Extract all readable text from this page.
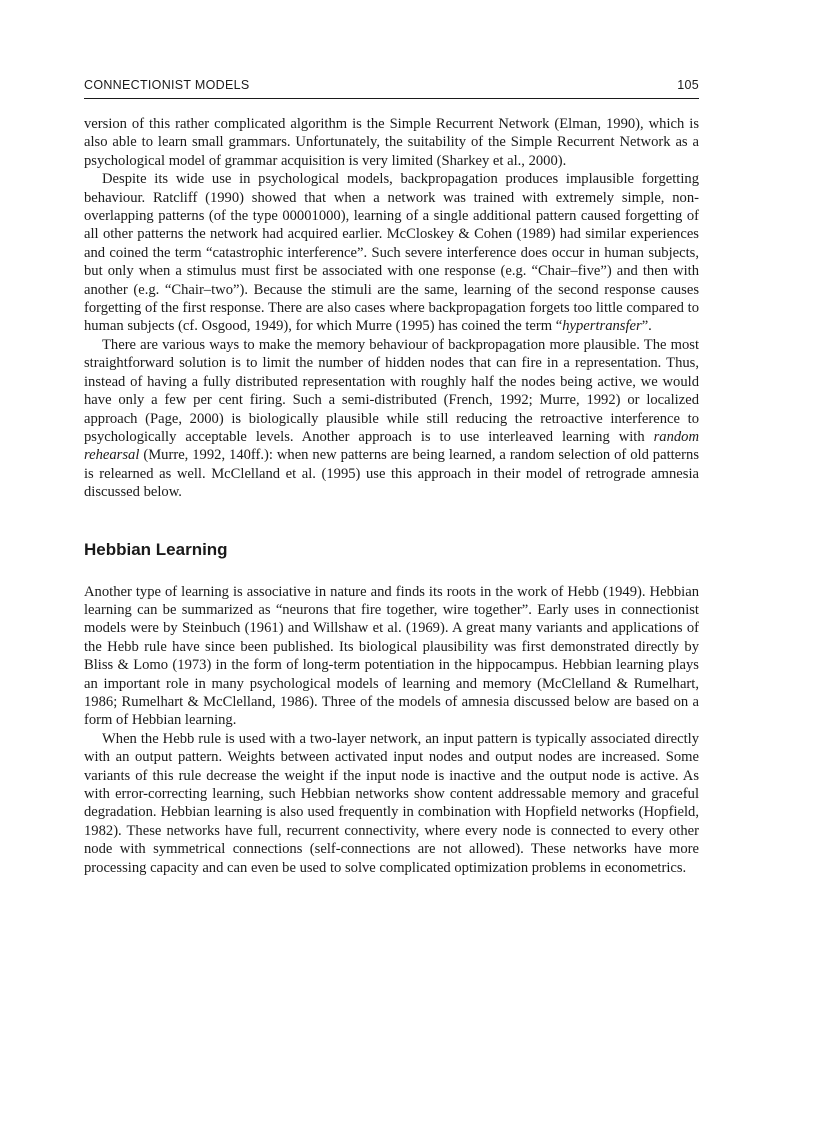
CONNECTIONIST MODELS	105

version of this rather complicated algorithm is the Simple Recurrent Network (Elman, 1990), which is also able to learn small grammars. Unfortunately, the suitability of the Simple Recurrent Network as a psychological model of grammar acquisition is very limited (Sharkey et al., 2000).

Despite its wide use in psychological models, backpropagation produces implausible forgetting behaviour. Ratcliff (1990) showed that when a network was trained with extremely simple, non-overlapping patterns (of the type 00001000), learning of a single additional pattern caused forgetting of all other patterns the network had acquired earlier. McCloskey & Cohen (1989) had similar experiences and coined the term “catastrophic interference”. Such severe interference does occur in human subjects, but only when a stimulus must first be associated with one response (e.g. “Chair–five”) and then with another (e.g. “Chair–two”). Because the stimuli are the same, learning of the second response causes forgetting of the first response. There are also cases where backpropagation forgets too little compared to human subjects (cf. Osgood, 1949), for which Murre (1995) has coined the term “hypertransfer”.

There are various ways to make the memory behaviour of backpropagation more plausible. The most straightforward solution is to limit the number of hidden nodes that can fire in a representation. Thus, instead of having a fully distributed representation with roughly half the nodes being active, we would have only a few per cent firing. Such a semi-distributed (French, 1992; Murre, 1992) or localized approach (Page, 2000) is biologically plausible while still reducing the retroactive interference to psychologically acceptable levels. Another approach is to use interleaved learning with random rehearsal (Murre, 1992, 140ff.): when new patterns are being learned, a random selection of old patterns is relearned as well. McClelland et al. (1995) use this approach in their model of retrograde amnesia discussed below.

Hebbian Learning

Another type of learning is associative in nature and finds its roots in the work of Hebb (1949). Hebbian learning can be summarized as “neurons that fire together, wire together”. Early uses in connectionist models were by Steinbuch (1961) and Willshaw et al. (1969). A great many variants and applications of the Hebb rule have since been published. Its biological plausibility was first demonstrated directly by Bliss & Lomo (1973) in the form of long-term potentiation in the hippocampus. Hebbian learning plays an important role in many psychological models of learning and memory (McClelland & Rumelhart, 1986; Rumelhart & McClelland, 1986). Three of the models of amnesia discussed below are based on a form of Hebbian learning.

When the Hebb rule is used with a two-layer network, an input pattern is typically associated directly with an output pattern. Weights between activated input nodes and output nodes are increased. Some variants of this rule decrease the weight if the input node is inactive and the output node is active. As with error-correcting learning, such Hebbian networks show content addressable memory and graceful degradation. Hebbian learning is also used frequently in combination with Hopfield networks (Hopfield, 1982). These networks have full, recurrent connectivity, where every node is connected to every other node with symmetrical connections (self-connections are not allowed). These networks have more processing capacity and can even be used to solve complicated optimization problems in econometrics.
